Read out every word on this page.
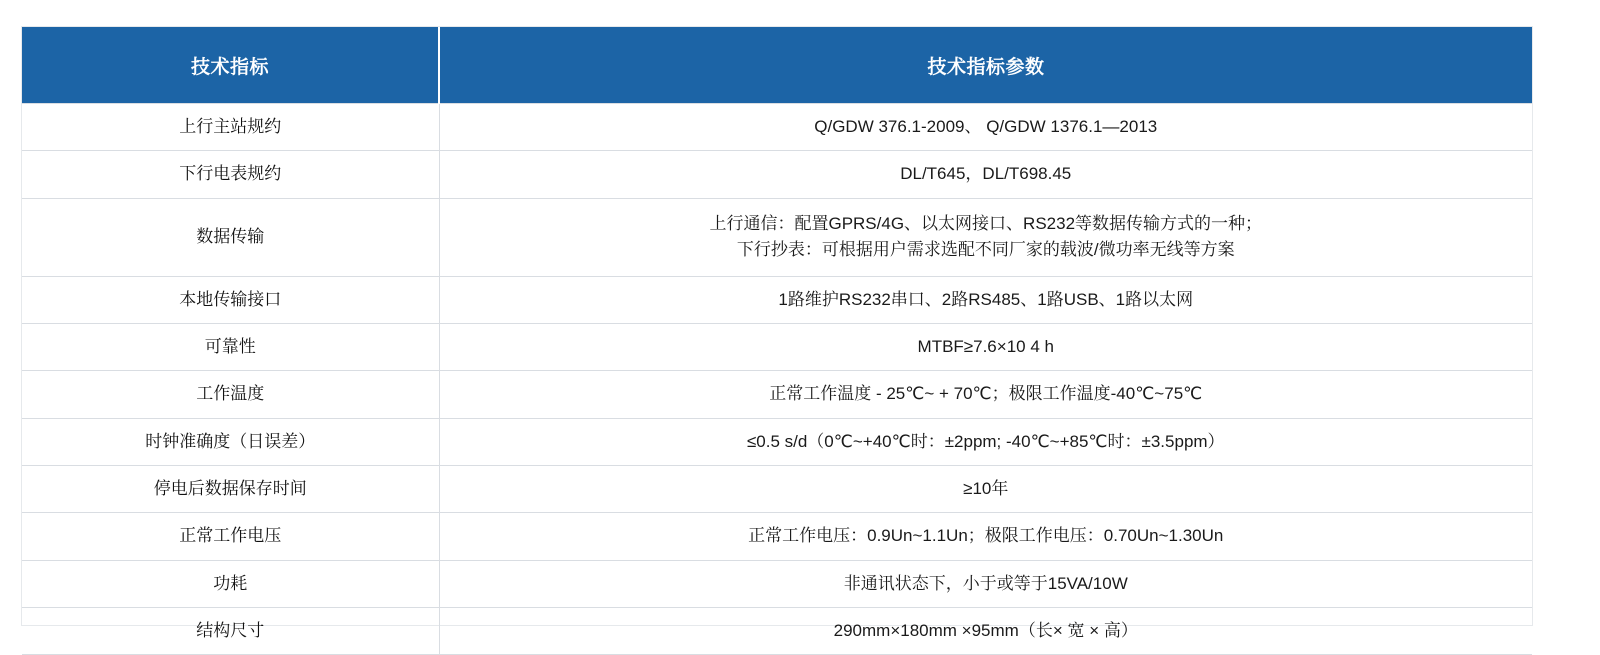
技术指标	技术指标参数
上行主站规约	Q/GDW 376.1-2009、 Q/GDW 1376.1—2013
下行电表规约	DL/T645，DL/T698.45
数据传输	上行通信：配置GPRS/4G、以太网接口、RS232等数据传输方式的一种；
下行抄表：可根据用户需求选配不同厂家的载波/微功率无线等方案

本地传输接口	1路维护RS232串口、2路RS485、1路USB、1路以太网
可靠性	MTBF≥7.6×10 4 h
工作温度	正常工作温度 - 25℃~ + 70℃；极限工作温度-40℃~75℃
时钟准确度（日误差）	≤0.5 s/d（0℃~+40℃时：±2ppm; -40℃~+85℃时：±3.5ppm）
停电后数据保存时间	≥10年
正常工作电压	正常工作电压：0.9Un~1.1Un；极限工作电压：0.70Un~1.30Un
功耗	非通讯状态下，小于或等于15VA/10W
结构尺寸	290mm×180mm ×95mm（长× 宽 × 高）
